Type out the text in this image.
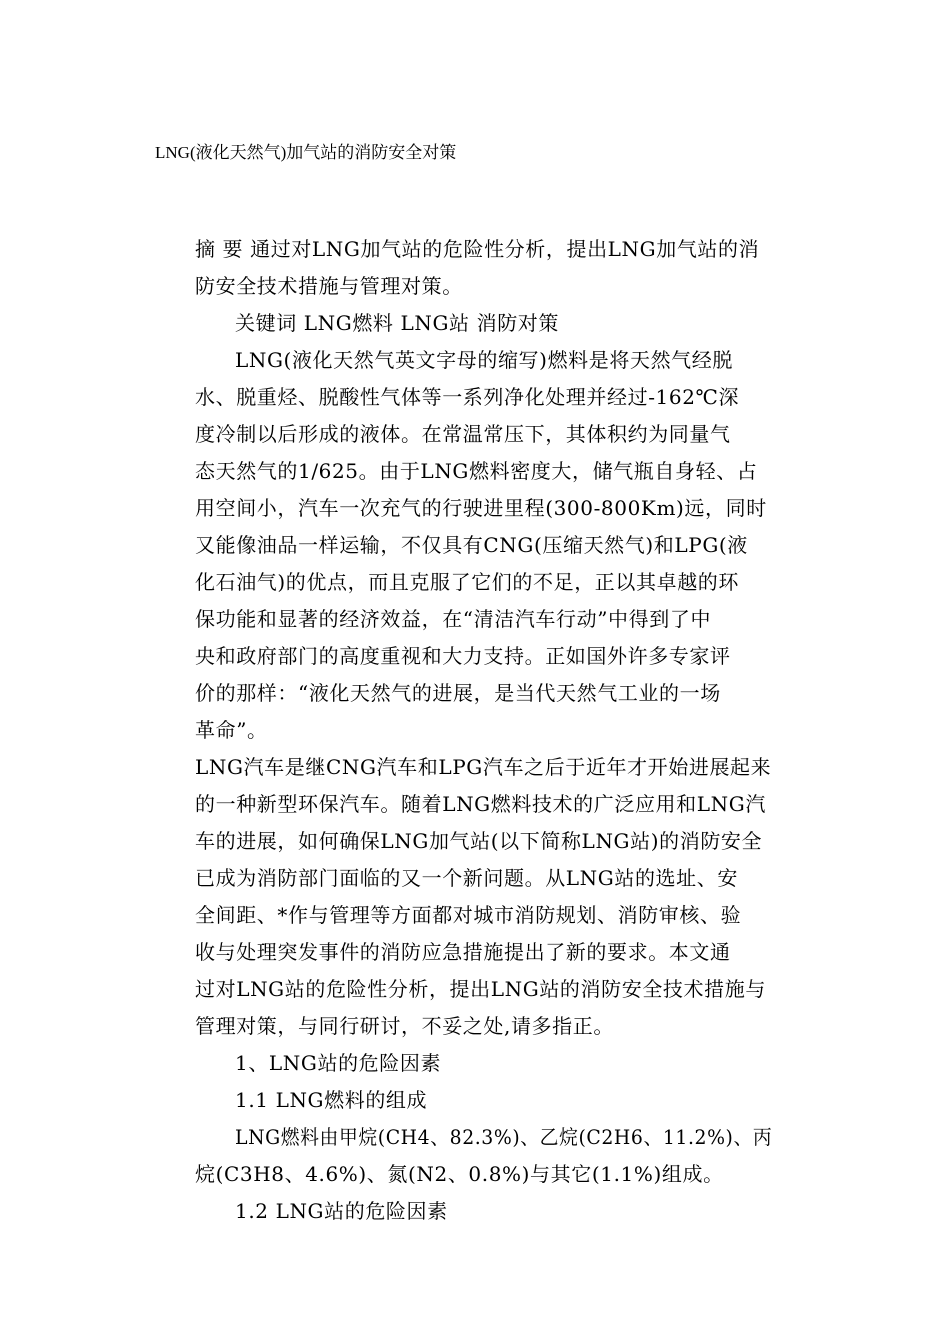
LNG(液化天然气)加气站的消防安全对策
摘 要 通过对LNG加气站的危险性分析，提出LNG加气站的消
防安全技术措施与管理对策。
关键词 LNG燃料 LNG站 消防对策
LNG(液化天然气英文字母的缩写)燃料是将天然气经脱
水、脱重烃、脱酸性气体等一系列净化处理并经过-162℃深
度冷制以后形成的液体。在常温常压下，其体积约为同量气
态天然气的1/625。由于LNG燃料密度大，储气瓶自身轻、占
用空间小，汽车一次充气的行驶进里程(300-800Km)远，同时
又能像油品一样运输，不仅具有CNG(压缩天然气)和LPG(液
化石油气)的优点，而且克服了它们的不足，正以其卓越的环
保功能和显著的经济效益，在“清洁汽车行动”中得到了中
央和政府部门的高度重视和大力支持。正如国外许多专家评
价的那样：“液化天然气的进展，是当代天然气工业的一场
革命”。
LNG汽车是继CNG汽车和LPG汽车之后于近年才开始进展起来
的一种新型环保汽车。随着LNG燃料技术的广泛应用和LNG汽
车的进展，如何确保LNG加气站(以下简称LNG站)的消防安全
已成为消防部门面临的又一个新问题。从LNG站的选址、安
全间距、*作与管理等方面都对城市消防规划、消防审核、验
收与处理突发事件的消防应急措施提出了新的要求。本文通
过对LNG站的危险性分析，提出LNG站的消防安全技术措施与
管理对策，与同行研讨，不妥之处,请多指正。
1、LNG站的危险因素
1.1 LNG燃料的组成
LNG燃料由甲烷(CH4、82.3%)、乙烷(C2H6、11.2%)、丙
烷(C3H8、4.6%)、氮(N2、0.8%)与其它(1.1%)组成。
1.2 LNG站的危险因素
